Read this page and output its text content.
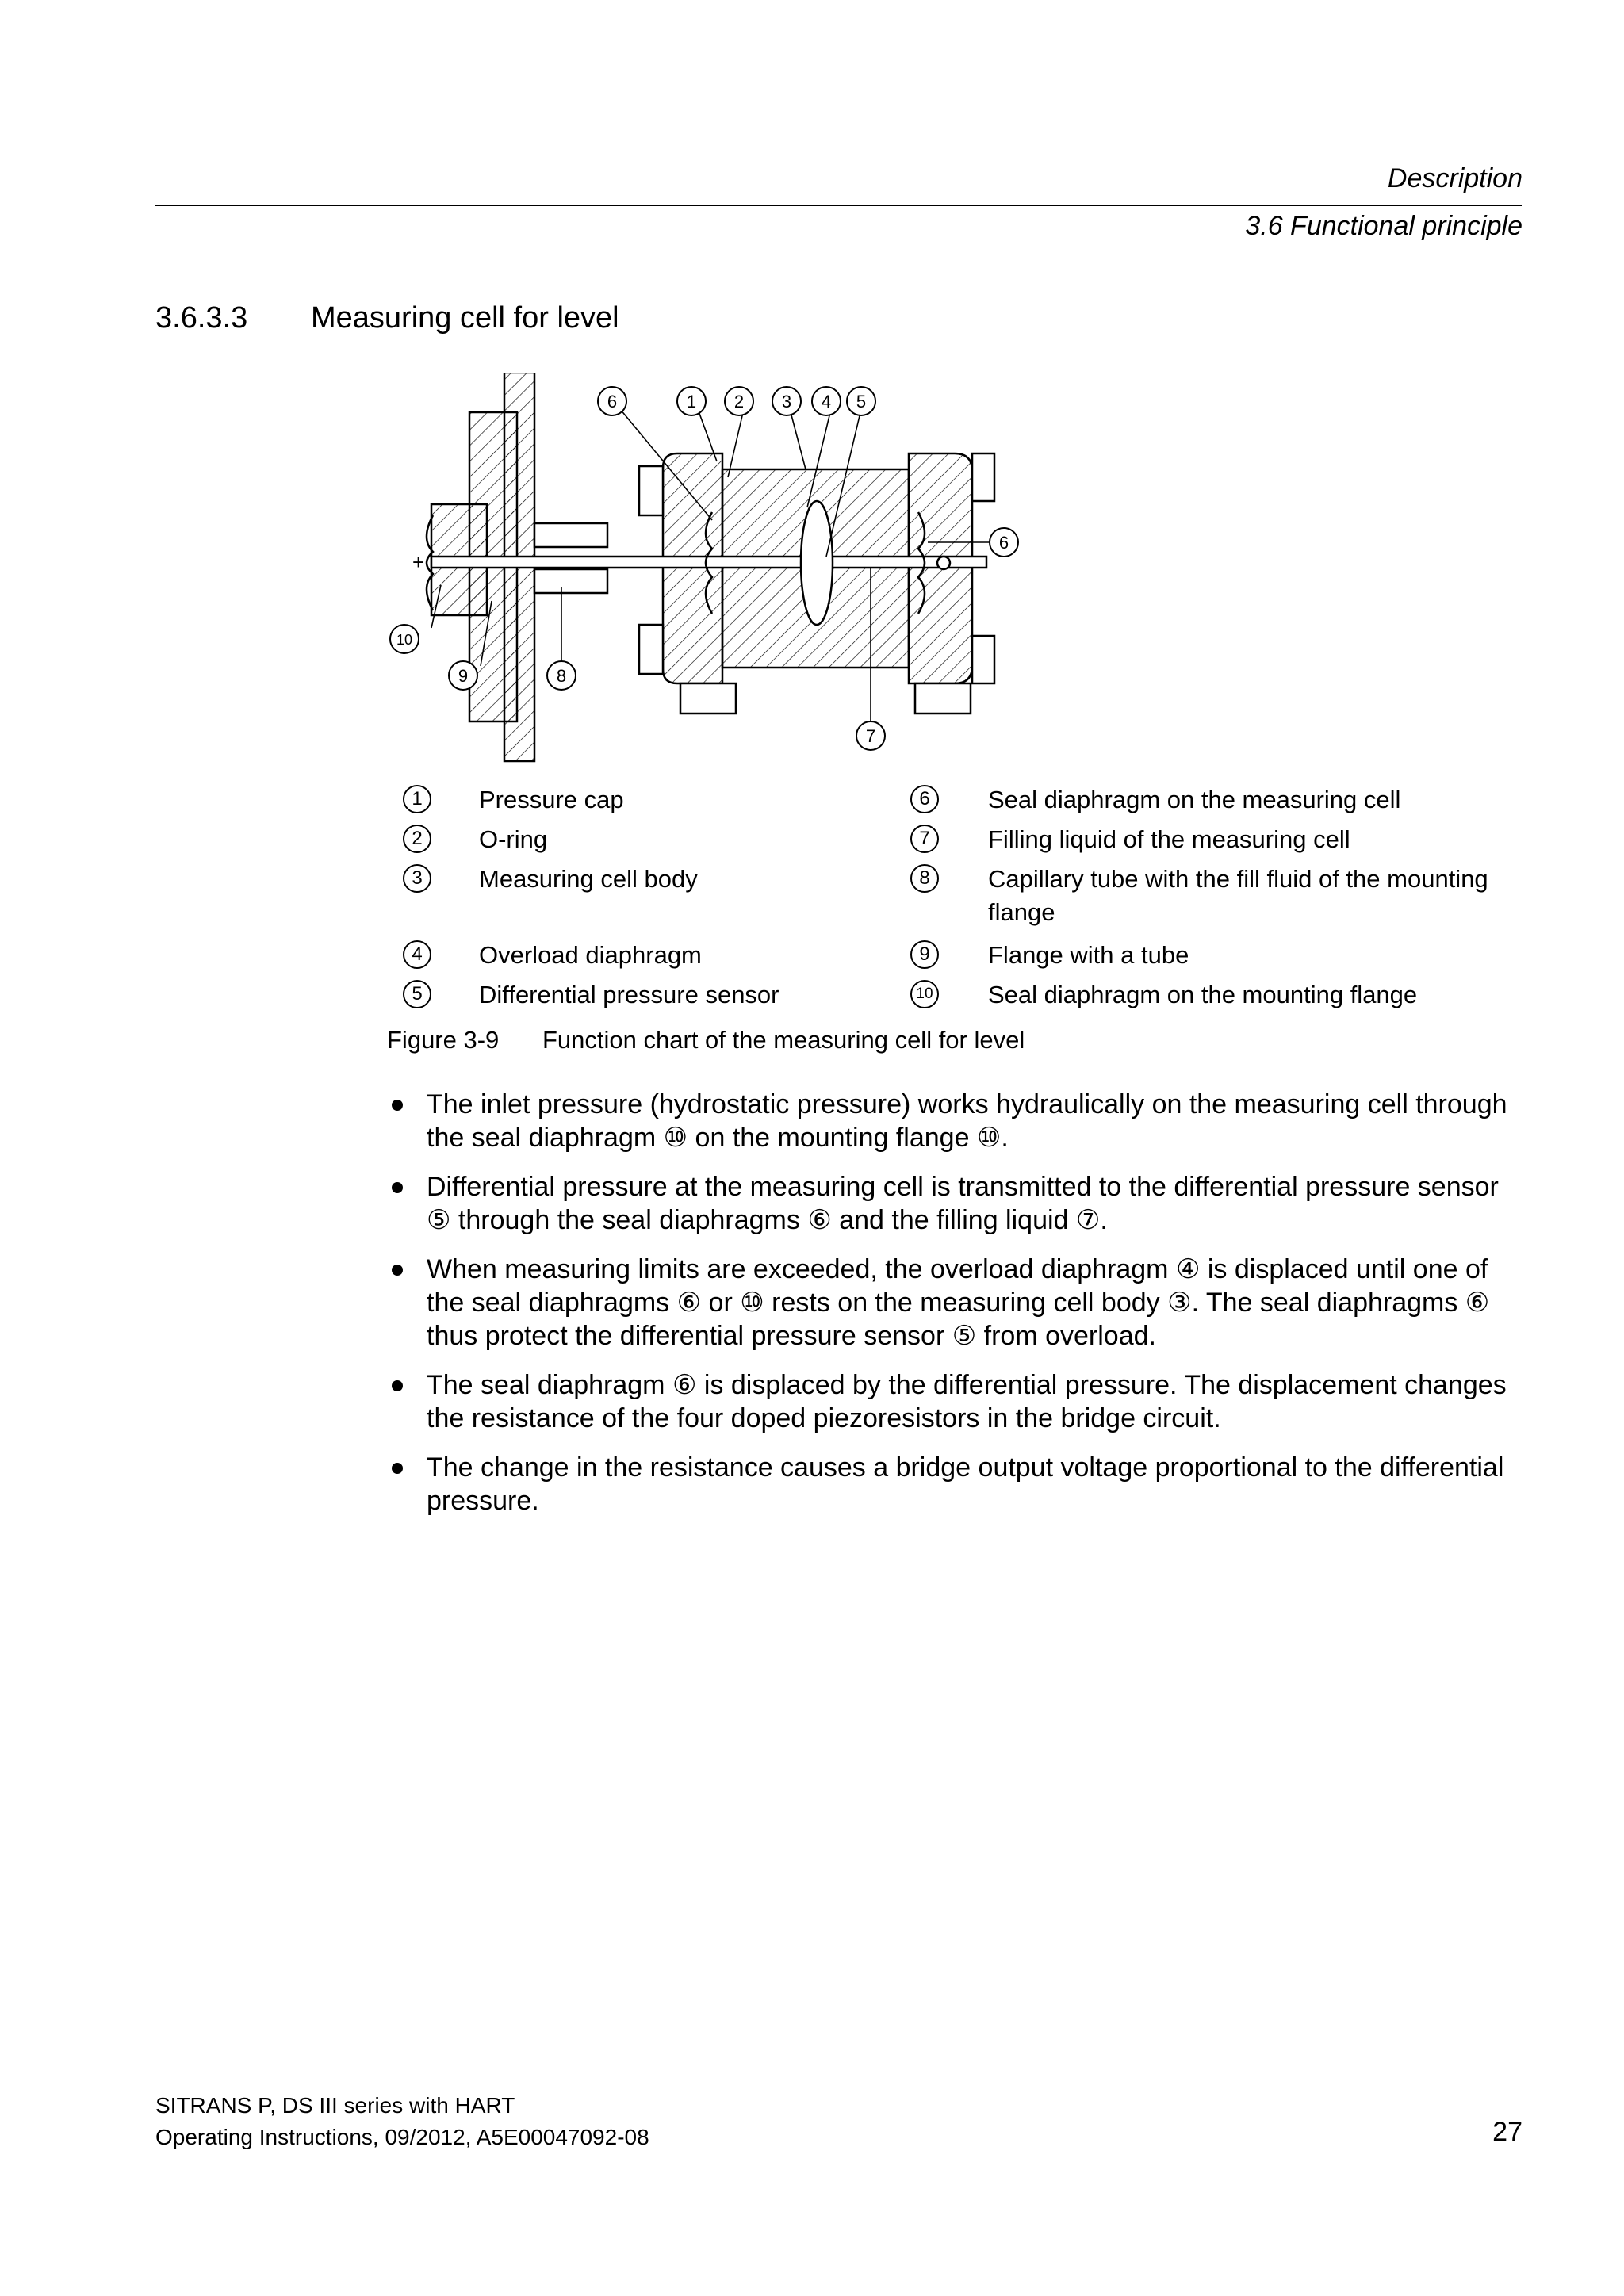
Description
3.6 Functional principle
3.6.3.3 Measuring cell for level
+
6	1 2 3 4 5
6
10
9	8
7
1	Pressure cap
2	O-ring
3	Measuring cell body
4	Overload diaphragm
5	Differential pressure sensor
6	Seal diaphragm on the measuring cell
7	Filling liquid of the measuring cell
8	Capillary tube with the fill fluid of the mounting flange
9	Flange with a tube
10 Seal diaphragm on the mounting flange
Figure 3-9 Function chart of the measuring cell for level
The inlet pressure (hydrostatic pressure) works hydraulically on the measuring cell through the seal diaphragm ⑩ on the mounting flange ⑩.
Differential pressure at the measuring cell is transmitted to the differential pressure sensor ⑤ through the seal diaphragms ⑥ and the filling liquid ⑦.
When measuring limits are exceeded, the overload diaphragm ④ is displaced until one of the seal diaphragms ⑥ or ⑩ rests on the measuring cell body ③. The seal diaphragms ⑥ thus protect the differential pressure sensor ⑤ from overload.
The seal diaphragm ⑥ is displaced by the differential pressure. The displacement changes the resistance of the four doped piezoresistors in the bridge circuit.
The change in the resistance causes a bridge output voltage proportional to the differential pressure.
SITRANS P, DS III series with HART
Operating Instructions, 09/2012, A5E00047092-08	27
